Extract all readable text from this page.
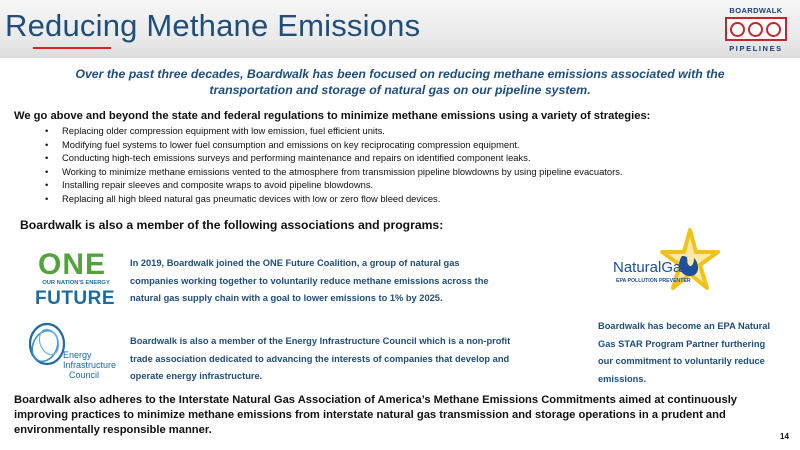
Reducing Methane Emissions	BOARDWALK
PIPELINES
Over the past three decades, Boardwalk has been focused on reducing methane emissions associated with the transportation and storage of natural gas on our pipeline system.
We go above and beyond the state and federal regulations to minimize methane emissions using a variety of strategies:
• Replacing older compression equipment with low emission, fuel efficient units.
• Modifying fuel systems to lower fuel consumption and emissions on key reciprocating compression equipment.
• Conducting high-tech emissions surveys and performing maintenance and repairs on identified component leaks.
• Working to minimize methane emissions vented to the atmosphere from transmission pipeline blowdowns by using pipeline evacuators.
• Installing repair sleeves and composite wraps to avoid pipeline blowdowns.
• Replacing all high bleed natural gas pneumatic devices with low or zero flow bleed devices.
Boardwalk is also a member of the following associations and programs:
ONE
OUR NATION'S ENERGY
FUTURE
In 2019, Boardwalk joined the ONE Future Coalition, a group of natural gas companies working together to voluntarily reduce methane emissions across the natural gas supply chain with a goal to lower emissions to 1% by 2025.
Energy
Infrastructure
Council
Boardwalk is also a member of the Energy Infrastructure Council which is a non-profit trade association dedicated to advancing the interests of companies that develop and operate energy infrastructure.
NaturalGas
EPA POLLUTION PREVENTER
Boardwalk has become an EPA Natural Gas STAR Program Partner furthering our commitment to voluntarily reduce emissions.
Boardwalk also adheres to the Interstate Natural Gas Association of America’s Methane Emissions Commitments aimed at continuously improving practices to minimize methane emissions from interstate natural gas transmission and storage operations in a prudent and environmentally responsible manner.
14
